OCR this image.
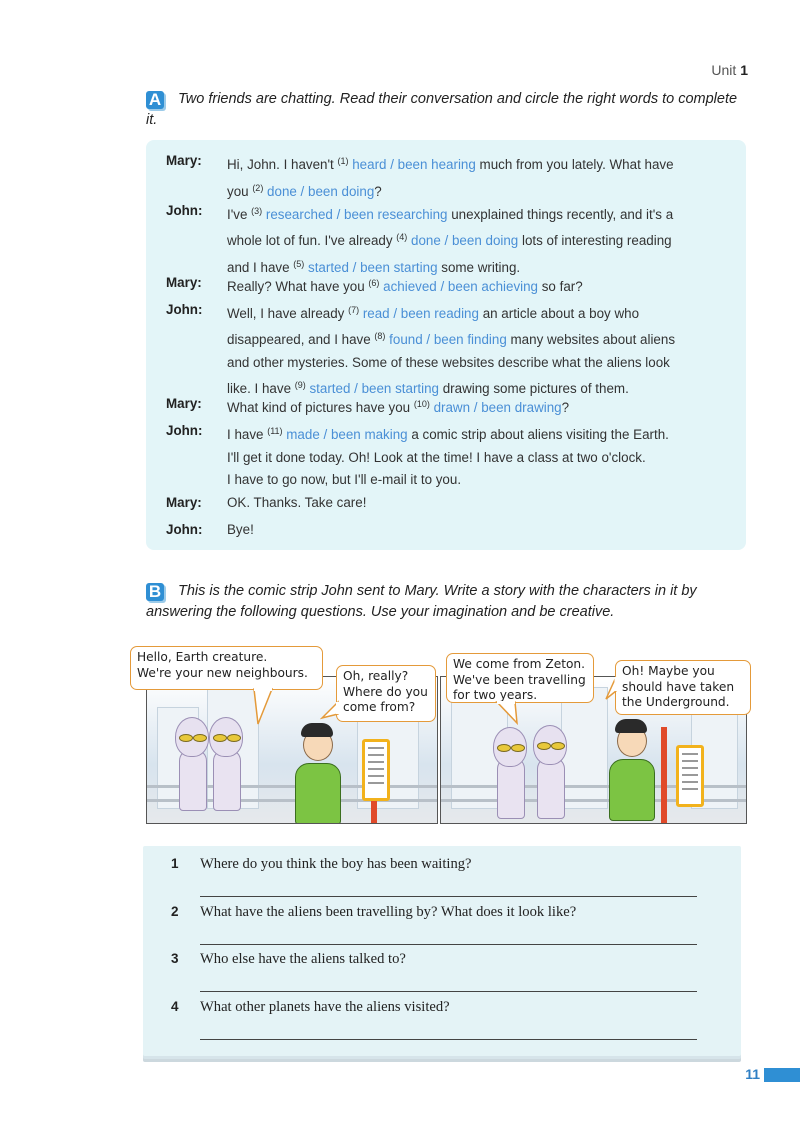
Unit 1
A Two friends are chatting. Read their conversation and circle the right words to complete it.
Mary:	Hi, John. I haven't $^{(1)}$ heard / been hearing much from you lately. What have
you $^{(2)}$ done / been doing?
John:	I've $^{(3)}$ researched / been researching unexplained things recently, and it's a
whole lot of fun. I've already $^{(4)}$ done / been doing lots of interesting reading
and I have $^{(5)}$ started / been starting some writing.
Mary:	Really? What have you $^{(6)}$ achieved / been achieving so far?
John:	Well, I have already $^{(7)}$ read / been reading an article about a boy who
disappeared, and I have $^{(8)}$ found / been finding many websites about aliens
and other mysteries. Some of these websites describe what the aliens look
like. I have $^{(9)}$ started / been starting drawing some pictures of them.
Mary:	What kind of pictures have you $^{(10)}$ drawn / been drawing?
John:	I have $^{(11)}$ made / been making a comic strip about aliens visiting the Earth.
I'll get it done today. Oh! Look at the time! I have a class at two o'clock.
I have to go now, but I'll e-mail it to you.
Mary:	OK. Thanks. Take care!
John:	Bye!
B This is the comic strip John sent to Mary. Write a story with the characters in it by answering the following questions. Use your imagination and be creative.
Hello, Earth creature.
We're your new neighbours.	Oh, really?
Where do you
come from?
We come from Zeton.
We've been travelling
for two years.
Oh! Maybe you
should have taken
the Underground.
1	Where do you think the boy has been waiting?
2	What have the aliens been travelling by? What does it look like?
3	Who else have the aliens talked to?
4	What other planets have the aliens visited?
11
